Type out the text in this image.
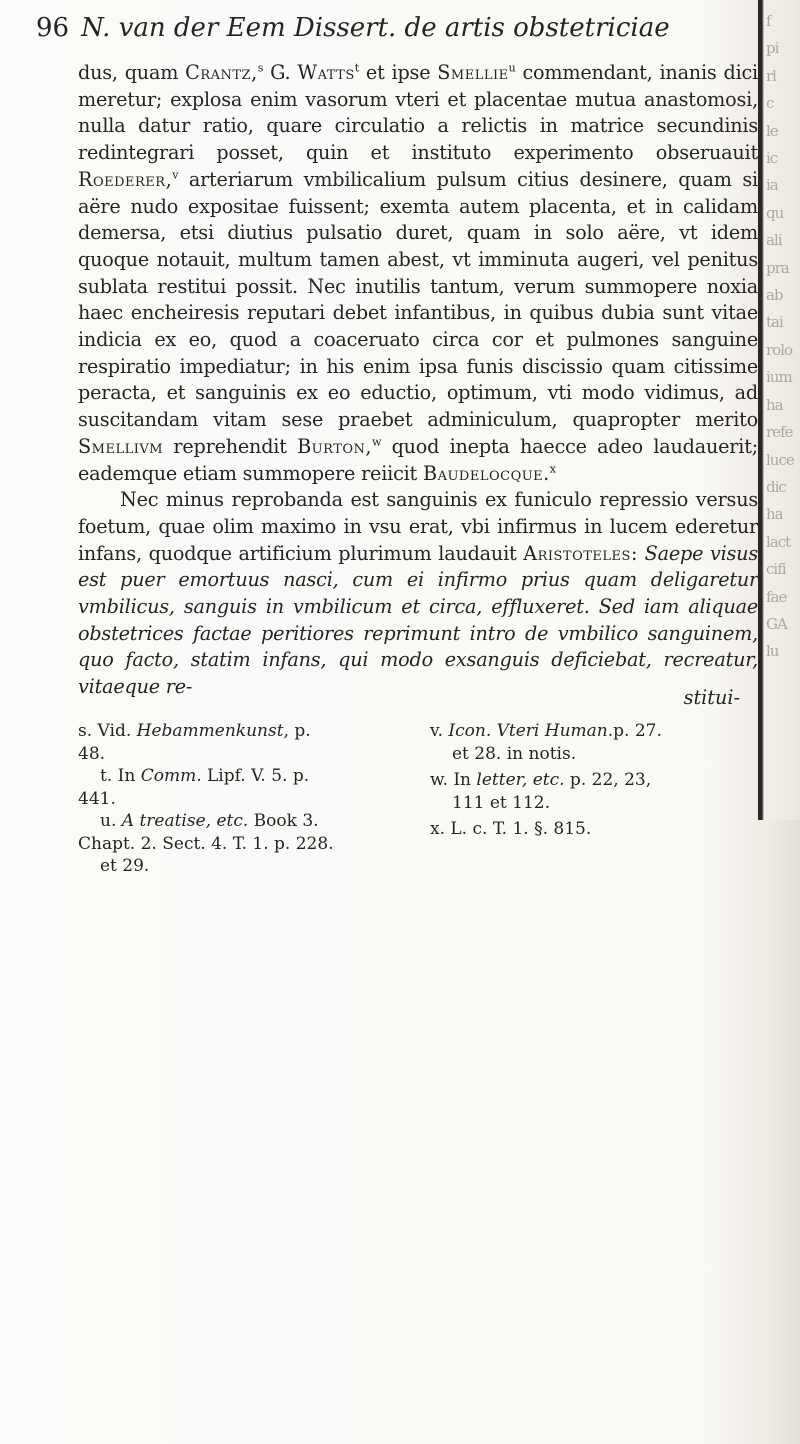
f
pi
rl
c
le
ic
ia
qu
ali
pra
ab
tai
rolo
ium
ha
refe
luce
dic
ha
lact
cifi
fae
GA
lu
96 N. van der Eem Dissert. de artis obstetriciae

dus, quam Crantz,$^s$ G. Watts$^t$ et ipse Smellie$^u$ commendant, inanis dici meretur; explosa enim vasorum vteri et placentae mutua anastomosi, nulla datur ratio, quare circulatio a relictis in matrice secundinis redintegrari posset, quin et instituto experimento obseruauit Roederer,$^v$ arteriarum vmbilicalium pulsum citius desinere, quam si aëre nudo expositae fuissent; exemta autem placenta, et in calidam demersa, etsi diutius pulsatio duret, quam in solo aëre, vt idem quoque notauit, multum tamen abest, vt imminuta augeri, vel penitus sublata restitui possit. Nec inutilis tantum, verum summopere noxia haec encheiresis reputari debet infantibus, in quibus dubia sunt vitae indicia ex eo, quod a coaceruato circa cor et pulmones sanguine respiratio impediatur; in his enim ipsa funis discissio quam citissime peracta, et sanguinis ex eo eductio, optimum, vti modo vidimus, ad suscitandam vitam sese praebet adminiculum, quapropter merito Smellivm reprehendit Burton,$^w$ quod inepta haecce adeo laudauerit; eademque etiam summopere reiicit Baudelocque.$^x$

Nec minus reprobanda est sanguinis ex funiculo repressio versus foetum, quae olim maximo in vsu erat, vbi infirmus in lucem ederetur infans, quodque artificium plurimum laudauit Aristoteles: Saepe visus est puer emortuus nasci, cum ei infirmo prius quam deligaretur vmbilicus, sanguis in vmbilicum et circa, effluxeret. Sed iam aliquae obstetrices factae peritiores reprimunt intro de vmbilico sanguinem, quo facto, statim infans, qui modo exsanguis deficiebat, recreatur, vitaeque re-	stitui-

s. Vid. Hebammenkunst, p.

48.

t. In Comm. Lipf. V. 5. p.

441.

u. A treatise, etc. Book 3.

Chapt. 2. Sect. 4. T. 1. p. 228.

et 29.

v. Icon. Vteri Human.p. 27.

et 28. in notis.

w. In letter, etc. p. 22, 23,

111 et 112.

x. L. c. T. 1. §. 815.
